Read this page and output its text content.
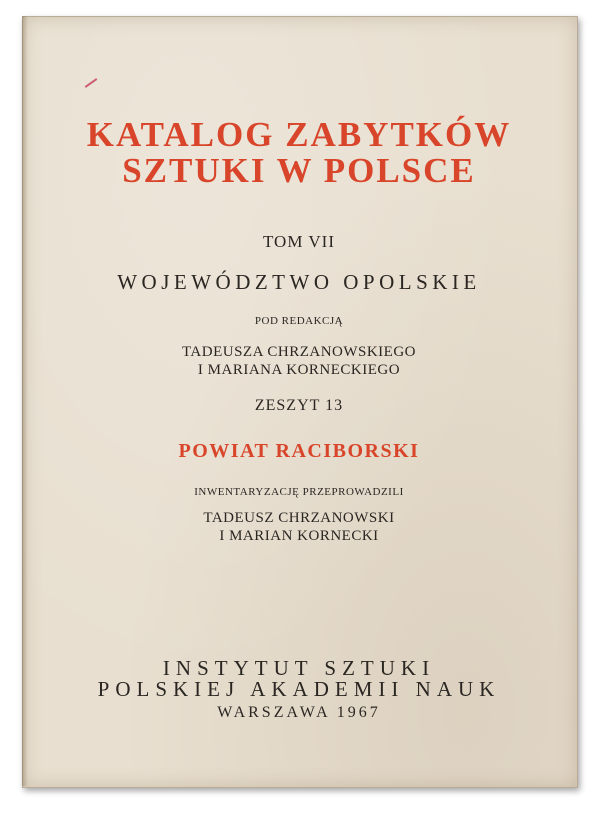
KATALOG ZABYTKÓW
SZTUKI W POLSCE
TOM VII
WOJEWÓDZTWO OPOLSKIE
POD REDAKCJĄ
TADEUSZA CHRZANOWSKIEGO
I MARIANA KORNECKIEGO
ZESZYT 13
POWIAT RACIBORSKI
INWENTARYZACJĘ PRZEPROWADZILI
TADEUSZ CHRZANOWSKI
I MARIAN KORNECKI
INSTYTUT SZTUKI
POLSKIEJ AKADEMII NAUK
WARSZAWA 1967
